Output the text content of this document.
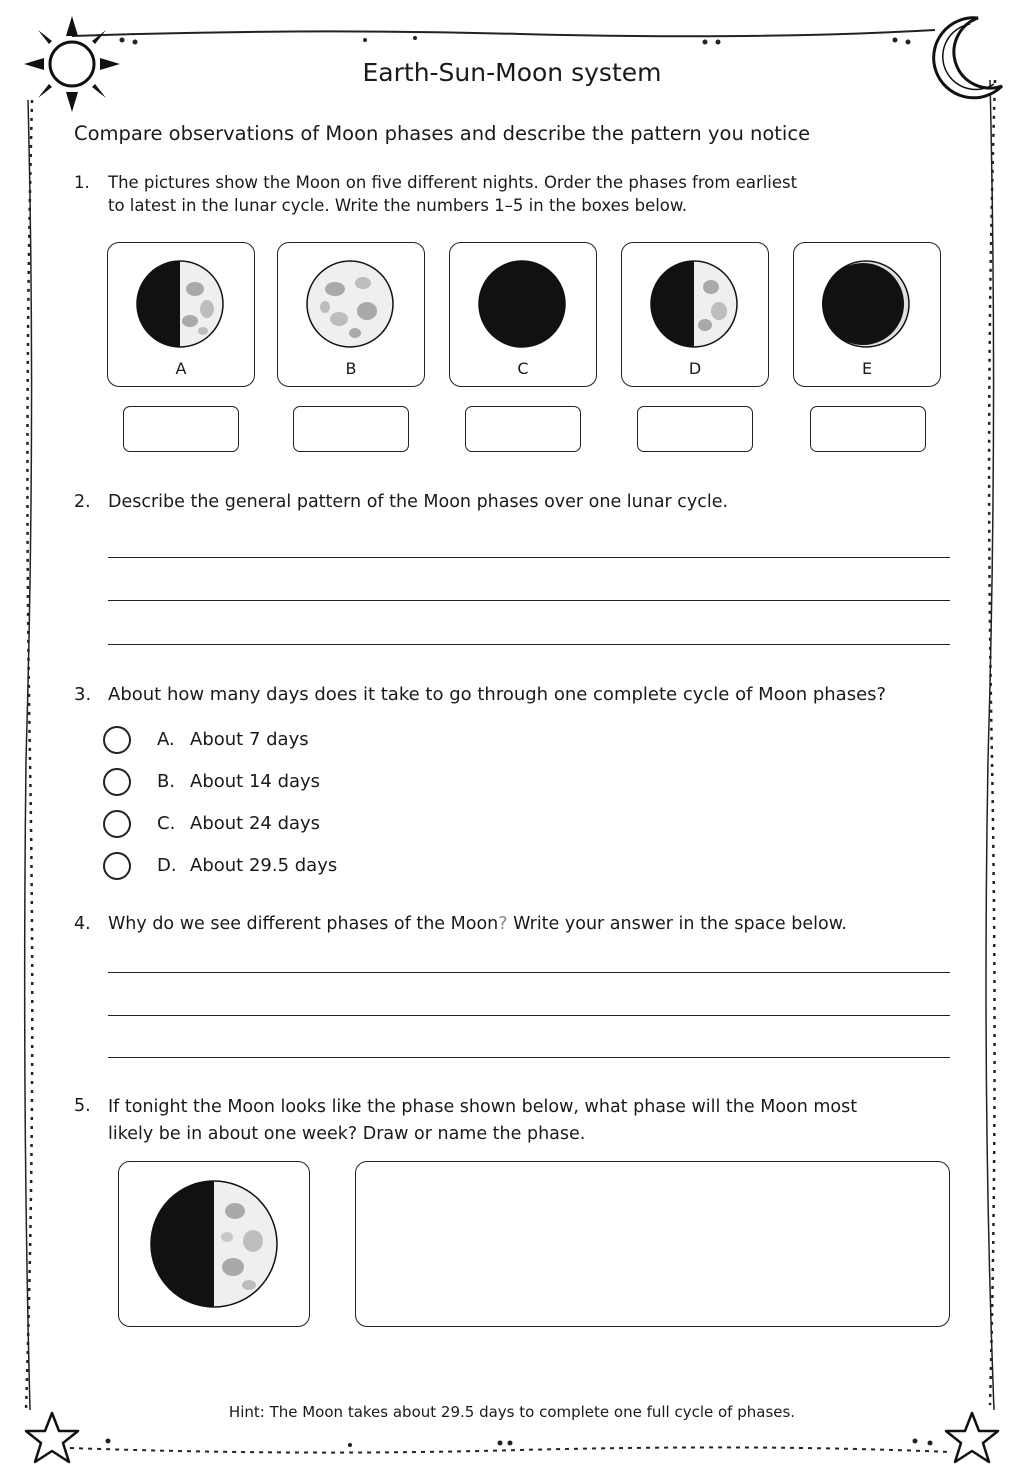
Earth-Sun-Moon system
Compare observations of Moon phases and describe the pattern you notice
1. The pictures show the Moon on five different nights. Order the phases from earliest
to latest in the lunar cycle. Write the numbers 1–5 in the boxes below.
A	B	C	D	E
2. Describe the general pattern of the Moon phases over one lunar cycle.
3. About how many days does it take to go through one complete cycle of Moon phases?
A. About 7 days
B. About 14 days
C. About 24 days
D. About 29.5 days
4. Why do we see different phases of the Moon? Write your answer in the space below.
5. If tonight the Moon looks like the phase shown below, what phase will the Moon most
likely be in about one week? Draw or name the phase.
Hint: The Moon takes about 29.5 days to complete one full cycle of phases.
